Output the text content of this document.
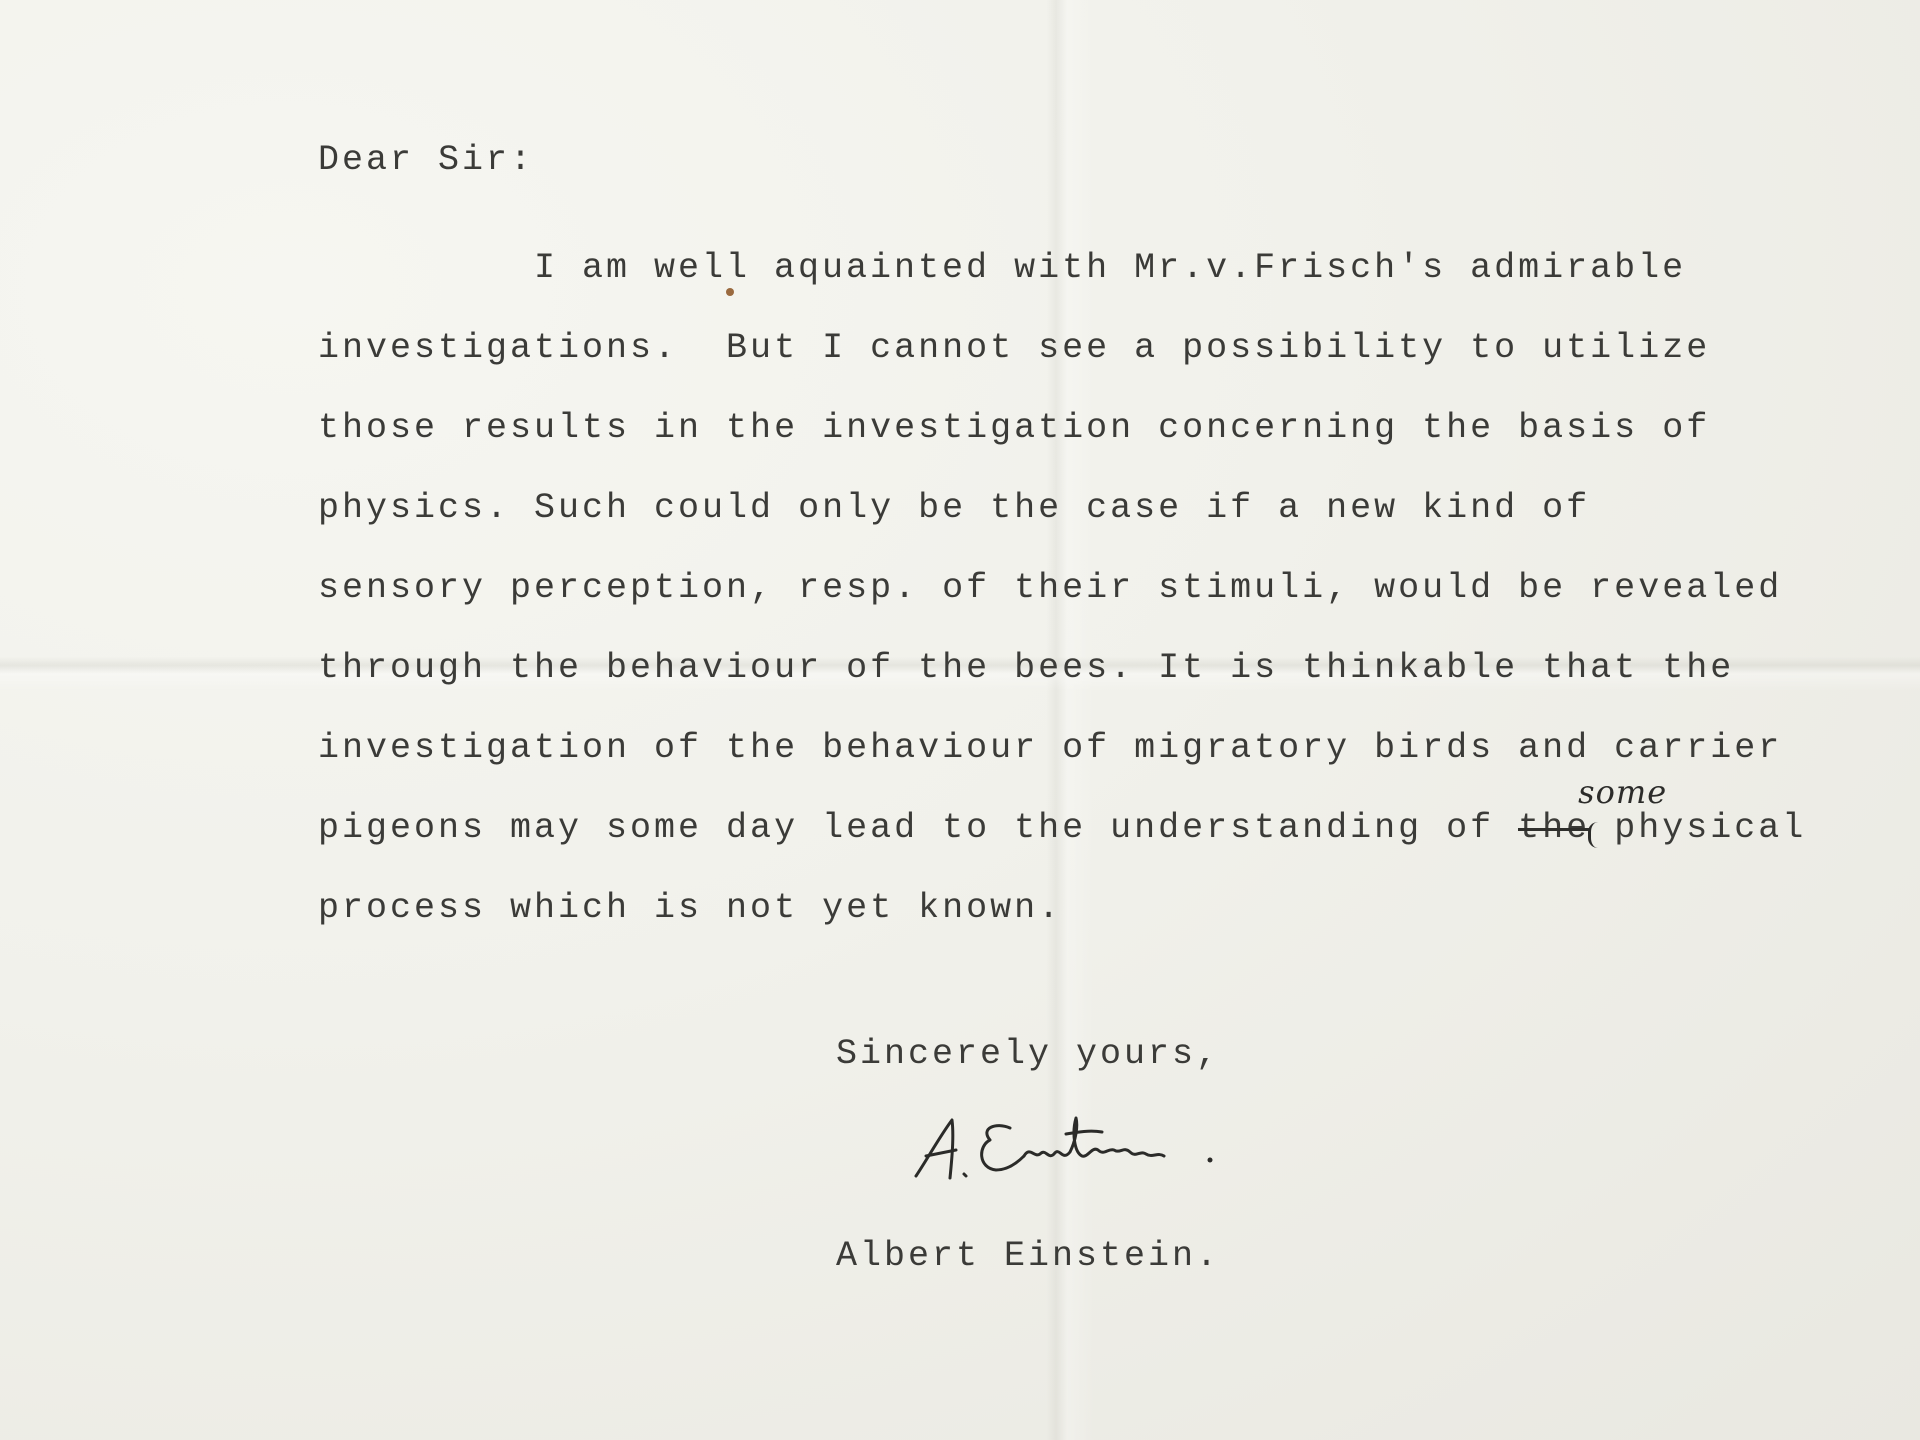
Dear Sir:
I am well aquainted with Mr.v.Frisch's admirable
investigations.  But I cannot see a possibility to utilize
those results in the investigation concerning the basis of
physics. Such could only be the case if a new kind of
sensory perception, resp. of their stimuli, would be revealed
through the behaviour of the bees. It is thinkable that the
investigation of the behaviour of migratory birds and carrier
pigeons may some day lead to the understanding of the
some
physical
process which is not yet known.
Sincerely yours,
Albert Einstein.
